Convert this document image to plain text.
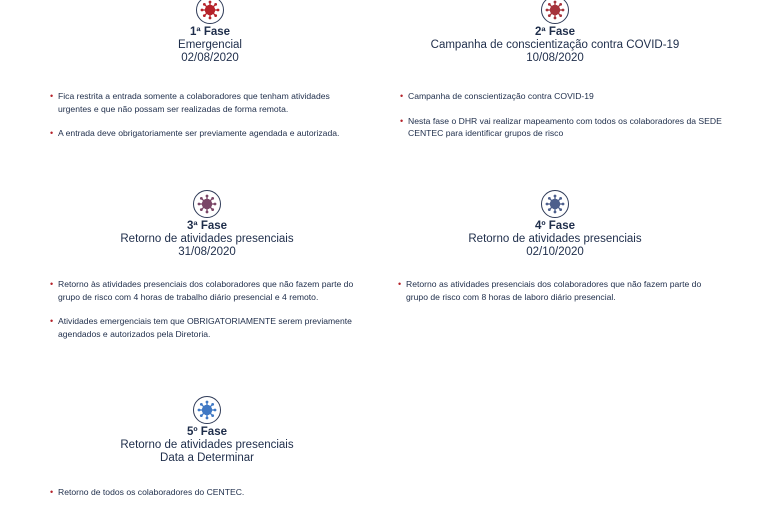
1ª Fase
Emergencial
02/08/2020
• Fica restrita a entrada somente a colaboradores que tenham atividades urgentes e que não possam ser realizadas de forma remota.
• A entrada deve obrigatoriamente ser previamente agendada e autorizada.
2ª Fase
Campanha de conscientização contra COVID-19
10/08/2020
• Campanha de conscientização contra COVID-19
• Nesta fase o DHR vai realizar mapeamento com todos os colaboradores da SEDE CENTEC para identificar grupos de risco
3ª Fase
Retorno de atividades presenciais
31/08/2020
• Retorno às atividades presenciais dos colaboradores que não fazem parte do grupo de risco com 4 horas de trabalho diário presencial e 4 remoto.
• Atividades emergenciais tem que OBRIGATORIAMENTE serem previamente agendados e autorizados pela Diretoria.
4º Fase
Retorno de atividades presenciais
02/10/2020
• Retorno as atividades presenciais dos colaboradores que não fazem parte do grupo de risco com 8 horas de laboro diário presencial.
5º Fase
Retorno de atividades presenciais
Data a Determinar
• Retorno de todos os colaboradores do CENTEC.
